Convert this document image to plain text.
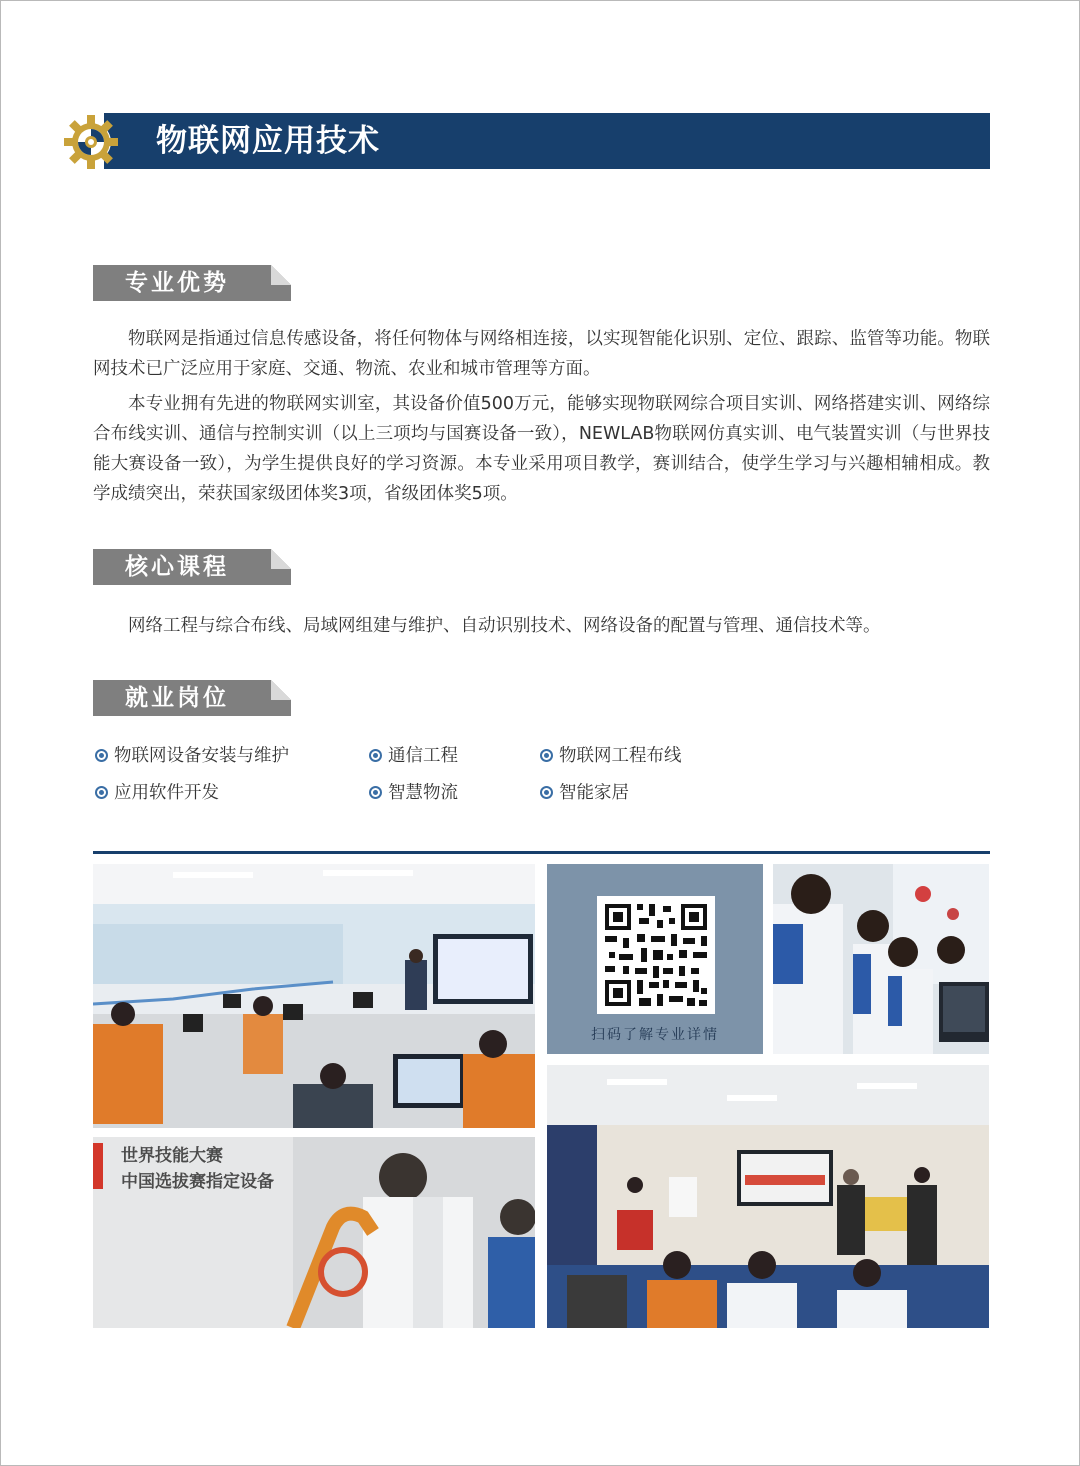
物联网应用技术
专业优势

物联网是指通过信息传感设备，将任何物体与网络相连接，以实现智能化识别、定位、跟踪、监管等功能。物联网技术已广泛应用于家庭、交通、物流、农业和城市管理等方面。

本专业拥有先进的物联网实训室，其设备价值500万元，能够实现物联网综合项目实训、网络搭建实训、网络综合布线实训、通信与控制实训（以上三项均与国赛设备一致），NEWLAB物联网仿真实训、电气装置实训（与世界技能大赛设备一致），为学生提供良好的学习资源。本专业采用项目教学，赛训结合，使学生学习与兴趣相辅相成。教学成绩突出，荣获国家级团体奖3项，省级团体奖5项。

核心课程

网络工程与综合布线、局域网组建与维护、自动识别技术、网络设备的配置与管理、通信技术等。

就业岗位
物联网设备安装与维护	通信工程	物联网工程布线
应用软件开发	智慧物流	智能家居
扫码了解专业详情
世界技能大赛
中国选拔赛指定设备
